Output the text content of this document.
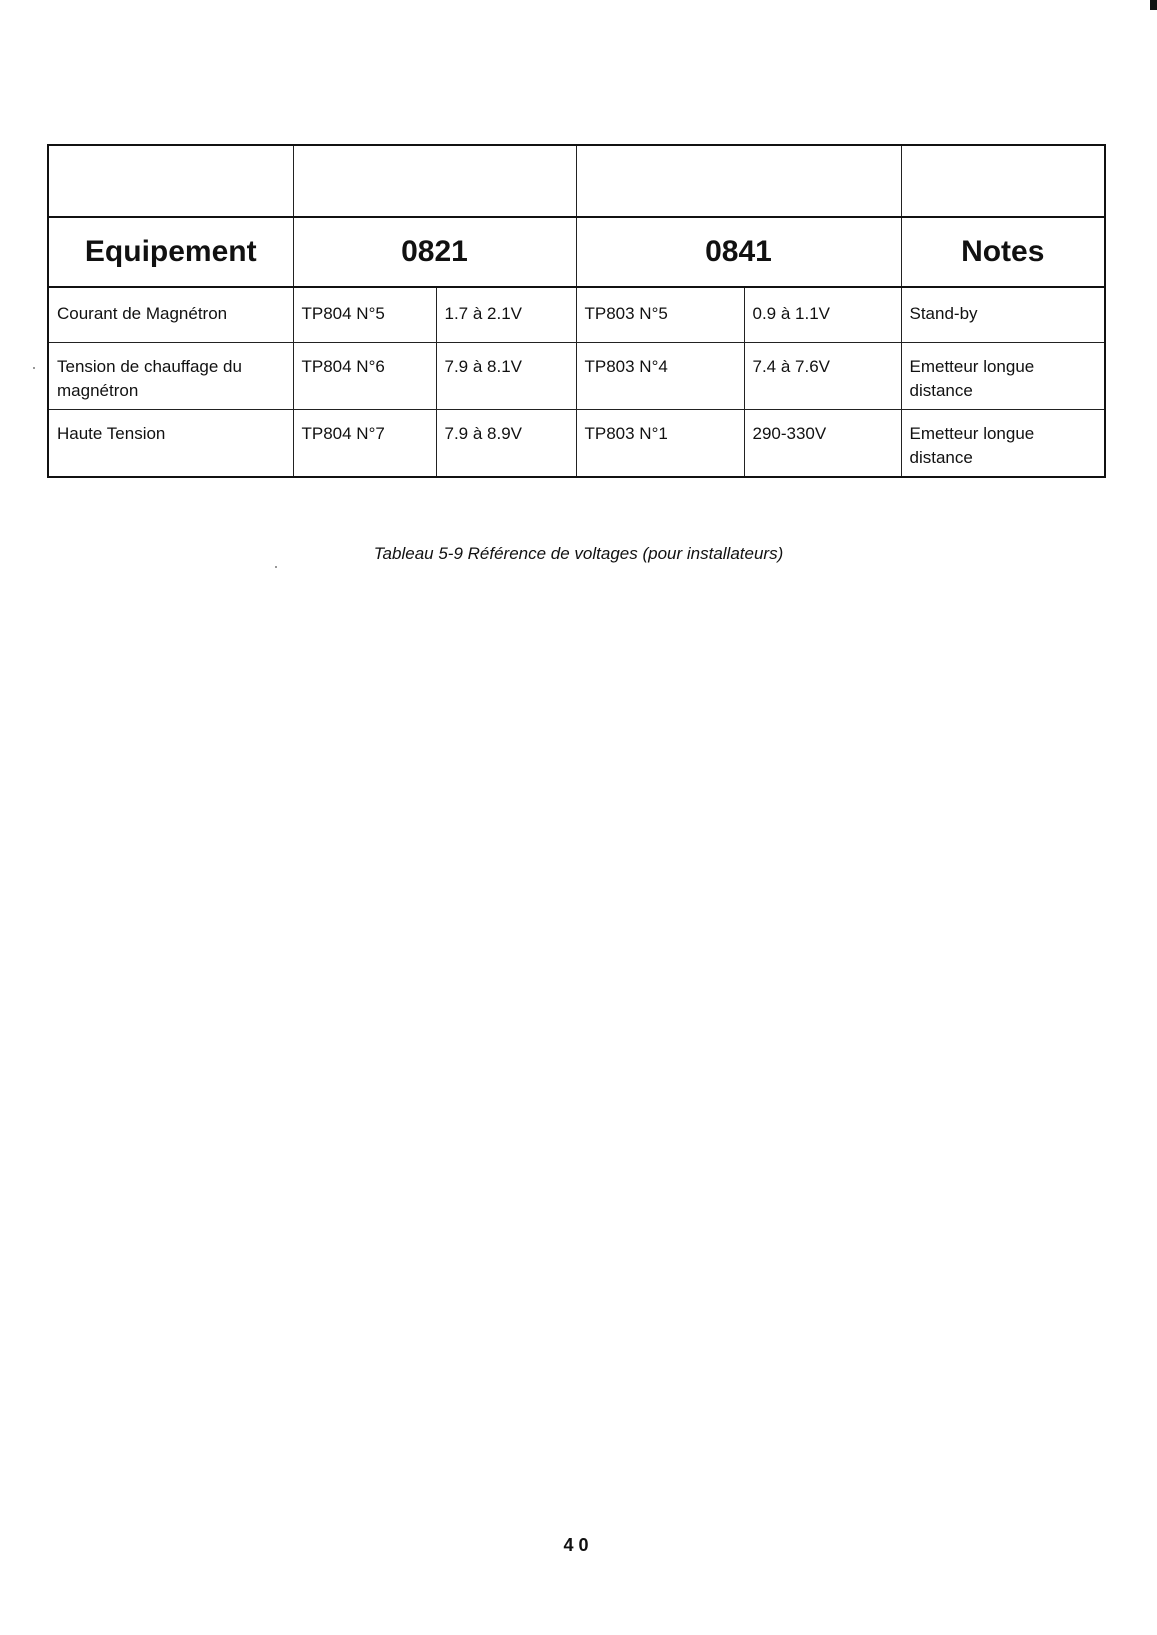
Equipement	0821		0841		Notes
Courant de Magnétron	TP804 N°5	1.7 à 2.1V	TP803 N°5	0.9 à 1.1V	Stand-by
Tension de chauffage du magnétron	TP804 N°6	7.9 à 8.1V	TP803 N°4	7.4 à 7.6V	Emetteur longue distance
Haute Tension	TP804 N°7	7.9 à 8.9V	TP803 N°1	290-330V	Emetteur longue distance
Tableau 5-9 Référence de voltages (pour installateurs)
40
